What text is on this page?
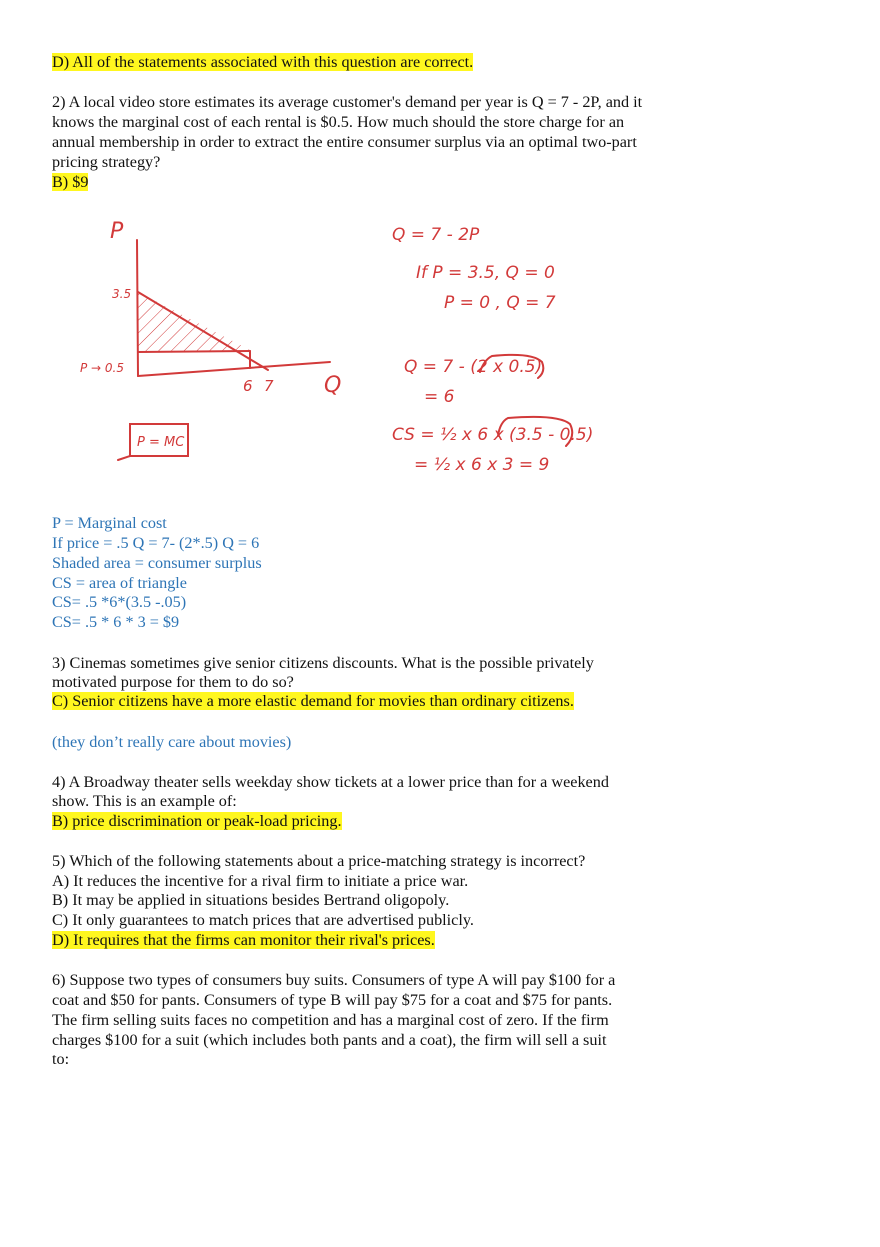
D) All of the statements associated with this question are correct.
2) A local video store estimates its average customer's demand per year is Q = 7 - 2P, and it
knows the marginal cost of each rental is $0.5. How much should the store charge for an
annual membership in order to extract the entire consumer surplus via an optimal two-part
pricing strategy?
B) $9
P
Q
3.5
P → 0.5
6 7
P = MC
Q = 7 - 2P
If P = 3.5, Q = 0
P = 0 , Q = 7
Q = 7 - (2 x 0.5)
= 6
CS = ½ x 6 x (3.5 - 0.5)
= ½ x 6 x 3 = 9
P = Marginal cost
If price = .5 Q = 7- (2*.5) Q = 6
Shaded area = consumer surplus
CS = area of triangle
CS= .5 *6*(3.5 -.05)
CS= .5 * 6 * 3 = $9
3) Cinemas sometimes give senior citizens discounts. What is the possible privately
motivated purpose for them to do so?
C) Senior citizens have a more elastic demand for movies than ordinary citizens.
(they don’t really care about movies)
4) A Broadway theater sells weekday show tickets at a lower price than for a weekend
show. This is an example of:
B) price discrimination or peak-load pricing.
5) Which of the following statements about a price-matching strategy is incorrect?
A) It reduces the incentive for a rival firm to initiate a price war.
B) It may be applied in situations besides Bertrand oligopoly.
C) It only guarantees to match prices that are advertised publicly.
D) It requires that the firms can monitor their rival's prices.
6) Suppose two types of consumers buy suits. Consumers of type A will pay $100 for a
coat and $50 for pants. Consumers of type B will pay $75 for a coat and $75 for pants.
The firm selling suits faces no competition and has a marginal cost of zero. If the firm
charges $100 for a suit (which includes both pants and a coat), the firm will sell a suit
to:
